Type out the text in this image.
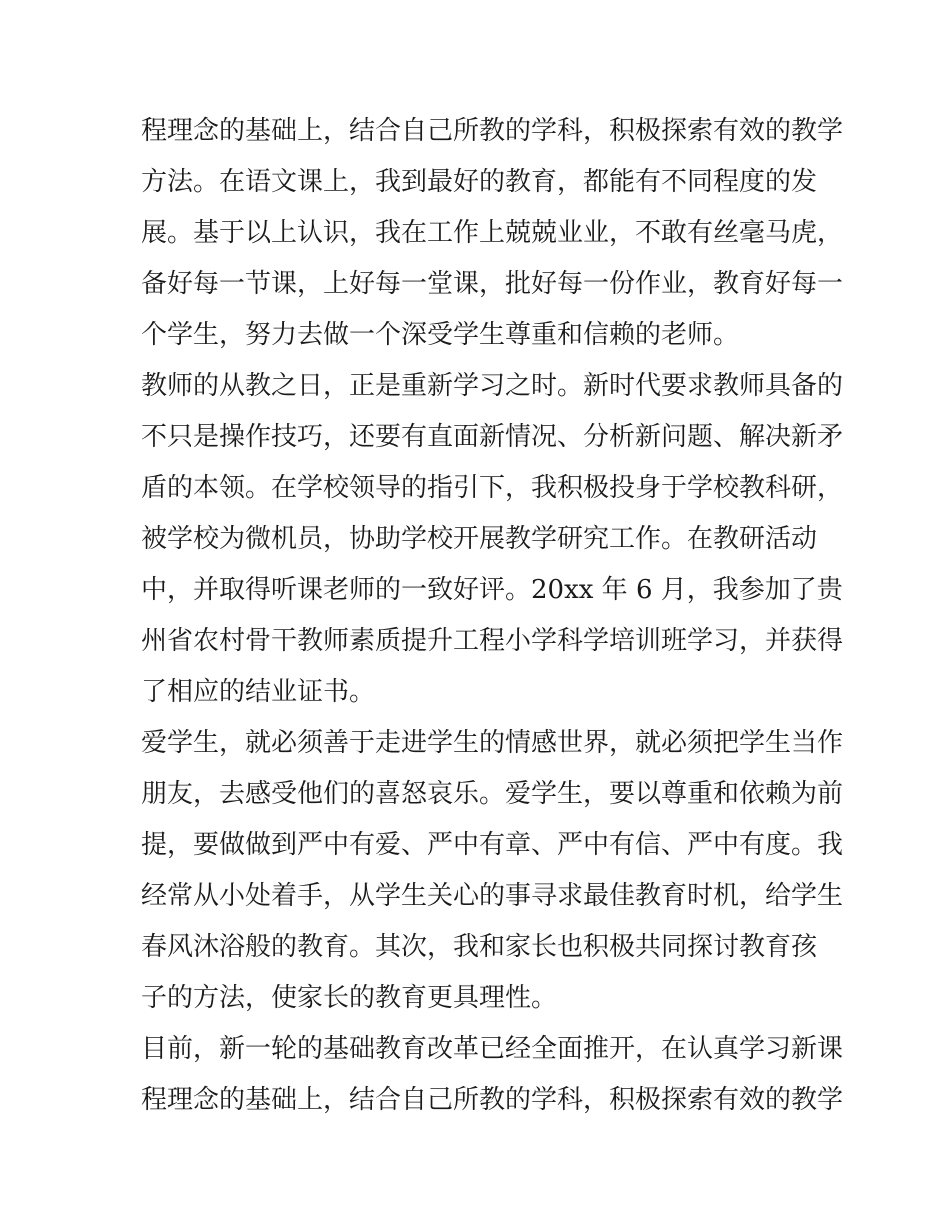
程理念的基础上，结合自己所教的学科，积极探索有效的教学
方法。在语文课上，我到最好的教育，都能有不同程度的发
展。基于以上认识，我在工作上兢兢业业，不敢有丝毫马虎，
备好每一节课，上好每一堂课，批好每一份作业，教育好每一
个学生，努力去做一个深受学生尊重和信赖的老师。
教师的从教之日，正是重新学习之时。新时代要求教师具备的
不只是操作技巧，还要有直面新情况、分析新问题、解决新矛
盾的本领。在学校领导的指引下，我积极投身于学校教科研，
被学校为微机员，协助学校开展教学研究工作。在教研活动
中，并取得听课老师的一致好评。20xx 年 6 月，我参加了贵
州省农村骨干教师素质提升工程小学科学培训班学习，并获得
了相应的结业证书。
爱学生，就必须善于走进学生的情感世界，就必须把学生当作
朋友，去感受他们的喜怒哀乐。爱学生，要以尊重和依赖为前
提，要做做到严中有爱、严中有章、严中有信、严中有度。我
经常从小处着手，从学生关心的事寻求最佳教育时机，给学生
春风沐浴般的教育。其次，我和家长也积极共同探讨教育孩
子的方法，使家长的教育更具理性。
目前，新一轮的基础教育改革已经全面推开，在认真学习新课
程理念的基础上，结合自己所教的学科，积极探索有效的教学
